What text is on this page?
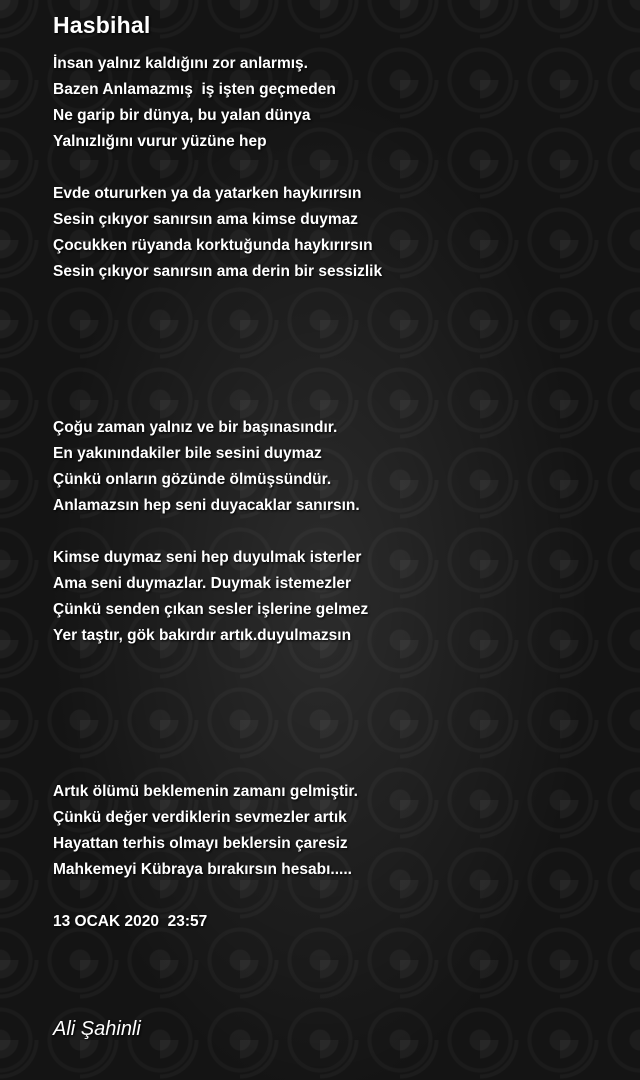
Hasbihal
İnsan yalnız kaldığını zor anlarmış.
Bazen Anlamazmış  iş işten geçmeden
Ne garip bir dünya, bu yalan dünya
Yalnızlığını vurur yüzüne hep
Evde otururken ya da yatarken haykırırsın
Sesin çıkıyor sanırsın ama kimse duymaz
Çocukken rüyanda korktuğunda haykırırsın
Sesin çıkıyor sanırsın ama derin bir sessizlik
Çoğu zaman yalnız ve bir başınasındır.
En yakınındakiler bile sesini duymaz
Çünkü onların gözünde ölmüşsündür.
Anlamazsın hep seni duyacaklar sanırsın.
Kimse duymaz seni hep duyulmak isterler
Ama seni duymazlar. Duymak istemezler
Çünkü senden çıkan sesler işlerine gelmez
Yer taştır, gök bakırdır artık.duyulmazsın
Artık ölümü beklemenin zamanı gelmiştir.
Çünkü değer verdiklerin sevmezler artık
Hayattan terhis olmayı beklersin çaresiz
Mahkemeyi Kübraya bırakırsın hesabı.....
13 OCAK 2020  23:57
Ali Şahinli
